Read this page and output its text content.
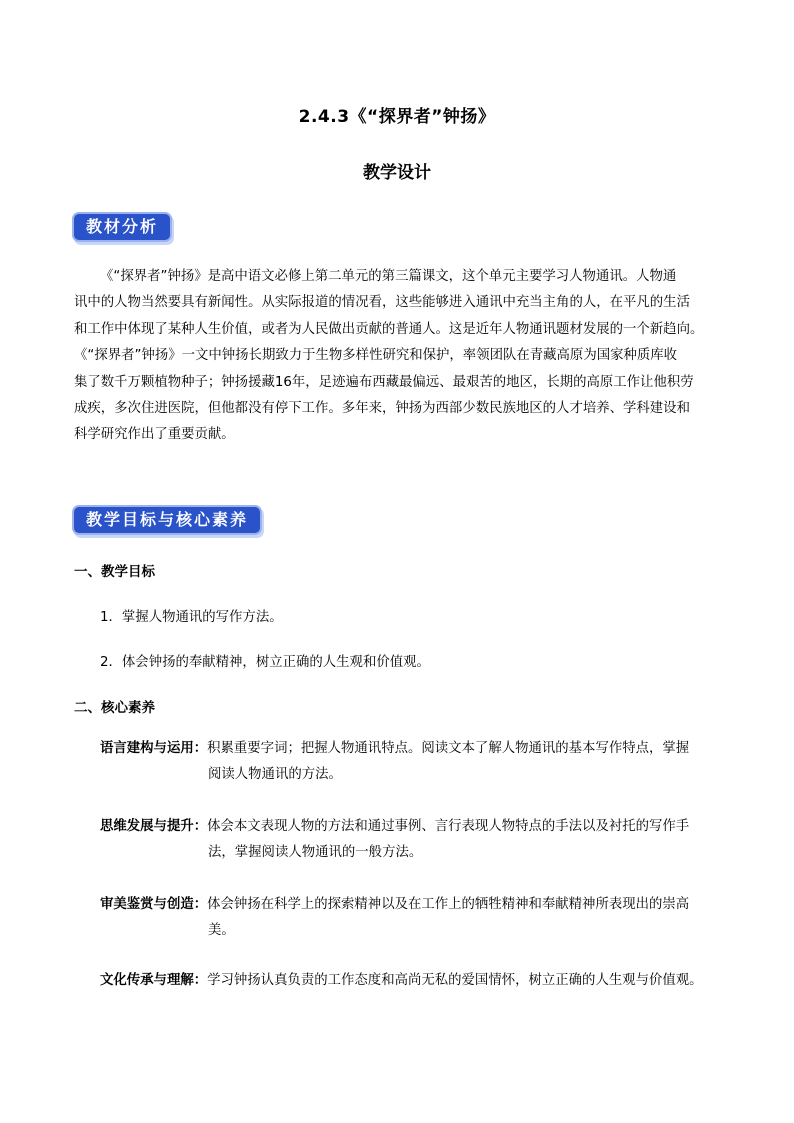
2.4.3《“探界者”钟扬》
教学设计
教材分析
《“探界者”钟扬》是高中语文必修上第二单元的第三篇课文，这个单元主要学习人物通讯。人物通
讯中的人物当然要具有新闻性。从实际报道的情况看，这些能够进入通讯中充当主角的人，在平凡的生活
和工作中体现了某种人生价值，或者为人民做出贡献的普通人。这是近年人物通讯题材发展的一个新趋向。
《“探界者”钟扬》一文中钟扬长期致力于生物多样性研究和保护，率领团队在青藏高原为国家种质库收
集了数千万颗植物种子；钟扬援藏16年，足迹遍布西藏最偏远、最艰苦的地区，长期的高原工作让他积劳
成疾，多次住进医院，但他都没有停下工作。多年来，钟扬为西部少数民族地区的人才培养、学科建设和
科学研究作出了重要贡献。
教学目标与核心素养
一、教学目标
1．掌握人物通讯的写作方法。
2．体会钟扬的奉献精神，树立正确的人生观和价值观。
二、核心素养
语言建构与运用：积累重要字词；把握人物通讯特点。阅读文本了解人物通讯的基本写作特点，掌握
阅读人物通讯的方法。
思维发展与提升：体会本文表现人物的方法和通过事例、言行表现人物特点的手法以及衬托的写作手
法，掌握阅读人物通讯的一般方法。
审美鉴赏与创造：体会钟扬在科学上的探索精神以及在工作上的牺牲精神和奉献精神所表现出的崇高
美。
文化传承与理解：学习钟扬认真负责的工作态度和高尚无私的爱国情怀，树立正确的人生观与价值观。
